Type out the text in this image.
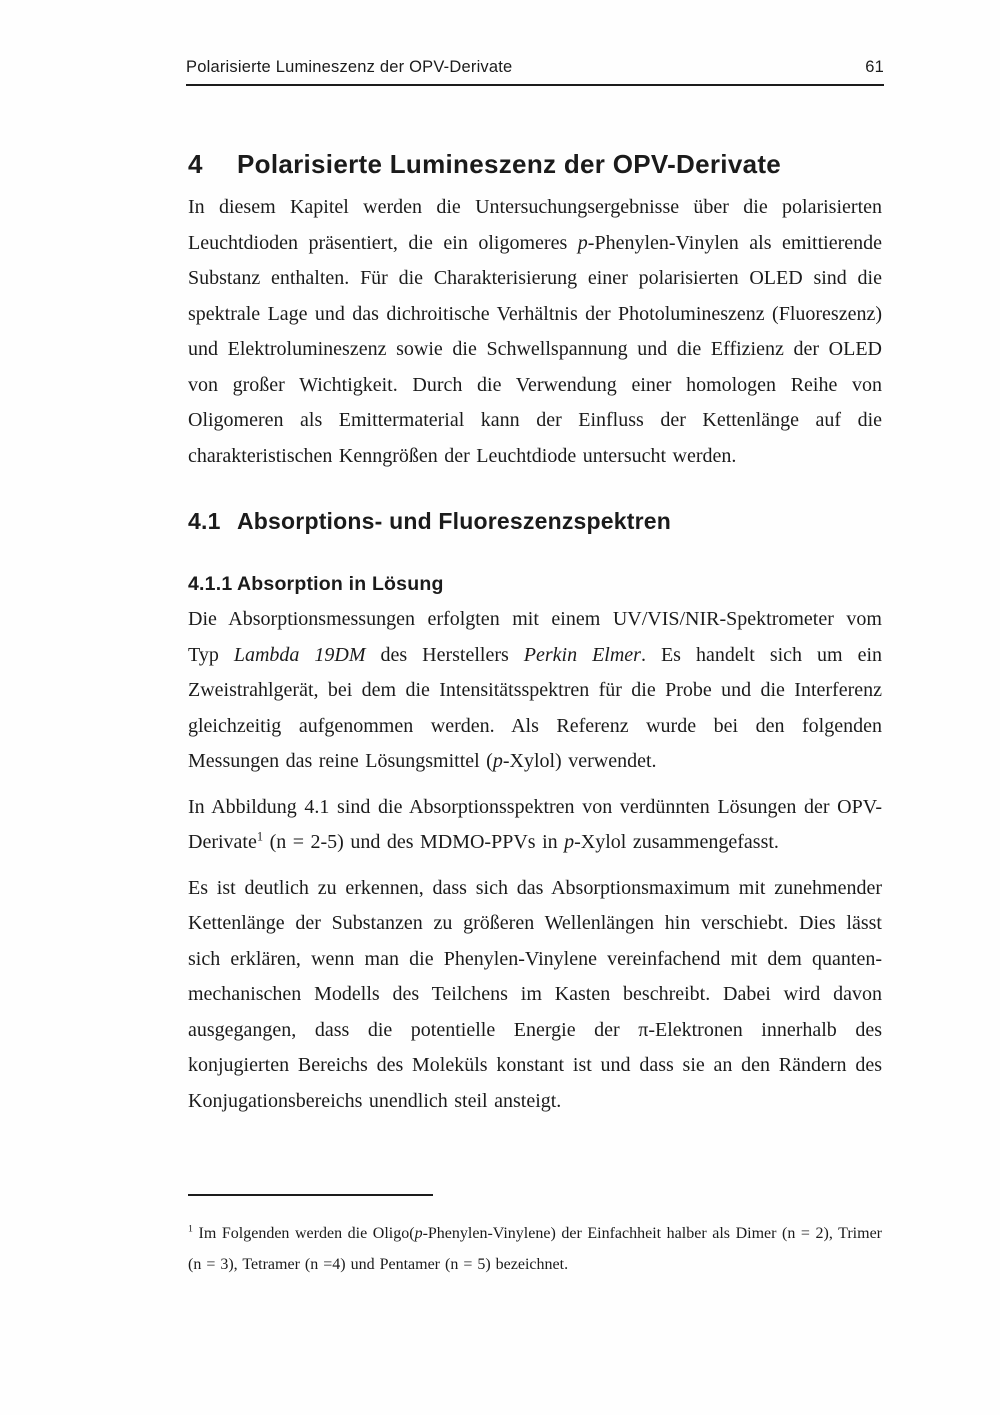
Polarisierte Lumineszenz der OPV-Derivate	61
4	Polarisierte Lumineszenz der OPV-Derivate

In diesem Kapitel werden die Untersuchungsergebnisse über die polarisierten Leuchtdioden präsentiert, die ein oligomeres p-Phenylen-Vinylen als emittierende Substanz enthalten. Für die Charakterisierung einer polarisierten OLED sind die spektrale Lage und das dichroitische Verhältnis der Photolumineszenz (Fluoreszenz) und Elektrolumineszenz sowie die Schwellspannung und die Effizienz der OLED von großer Wichtigkeit. Durch die Verwendung einer homologen Reihe von Oligomeren als Emittermaterial kann der Einfluss der Kettenlänge auf die charakteristischen Kenngrößen der Leuchtdiode untersucht werden.

4.1 Absorptions- und Fluoreszenzspektren
4.1.1 Absorption in Lösung

Die Absorptionsmessungen erfolgten mit einem UV/VIS/NIR-Spektrometer vom Typ Lambda 19DM des Herstellers Perkin Elmer. Es handelt sich um ein Zweistrahlgerät, bei dem die Intensitätsspektren für die Probe und die Interferenz gleichzeitig aufgenommen werden. Als Referenz wurde bei den folgenden Messungen das reine Lösungsmittel (p-Xylol) verwendet.

In Abbildung 4.1 sind die Absorptionsspektren von verdünnten Lösungen der OPV-Derivate$^1$ (n = 2-5) und des MDMO-PPVs in p-Xylol zusammengefasst.

Es ist deutlich zu erkennen, dass sich das Absorptionsmaximum mit zunehmender Kettenlänge der Substanzen zu größeren Wellenlängen hin verschiebt. Dies lässt sich erklären, wenn man die Phenylen-Vinylene vereinfachend mit dem quanten-mechanischen Modells des Teilchens im Kasten beschreibt. Dabei wird davon ausgegangen, dass die potentielle Energie der π-Elektronen innerhalb des konjugierten Bereichs des Moleküls konstant ist und dass sie an den Rändern des Konjugationsbereichs unendlich steil ansteigt.

$^1$ Im Folgenden werden die Oligo(p-Phenylen-Vinylene) der Einfachheit halber als Dimer (n = 2), Trimer (n = 3), Tetramer (n =4) und Pentamer (n = 5) bezeichnet.
